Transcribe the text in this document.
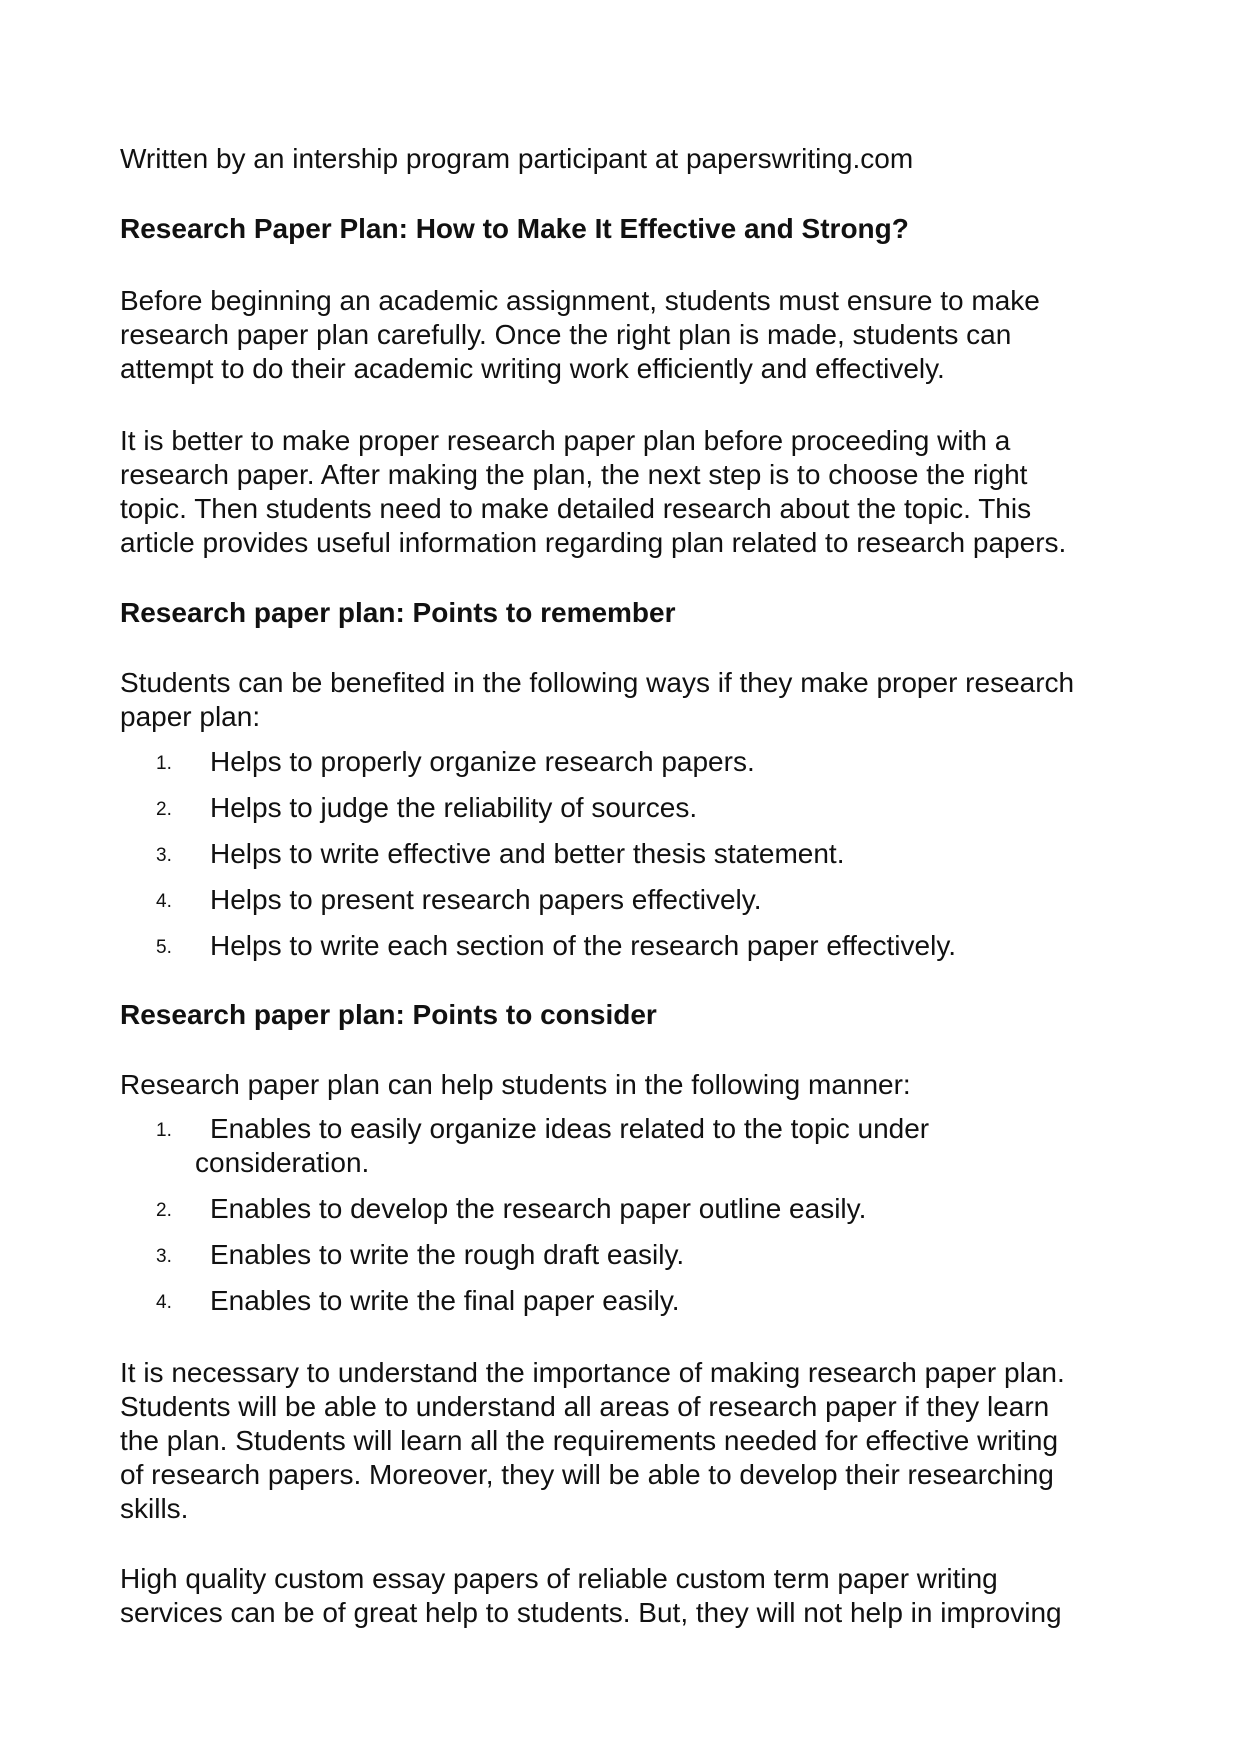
Written by an intership program participant at paperswriting.com

Research Paper Plan: How to Make It Effective and Strong?

Before beginning an academic assignment, students must ensure to make
research paper plan carefully. Once the right plan is made, students can
attempt to do their academic writing work efficiently and effectively.

It is better to make proper research paper plan before proceeding with a
research paper. After making the plan, the next step is to choose the right
topic. Then students need to make detailed research about the topic. This
article provides useful information regarding plan related to research papers.

Research paper plan: Points to remember

Students can be benefited in the following ways if they make proper research
paper plan:

1. Helps to properly organize research papers.
2. Helps to judge the reliability of sources.
3. Helps to write effective and better thesis statement.
4. Helps to present research papers effectively.
5. Helps to write each section of the research paper effectively.

Research paper plan: Points to consider

Research paper plan can help students in the following manner:

1. Enables to easily organize ideas related to the topic under
consideration.
2. Enables to develop the research paper outline easily.
3. Enables to write the rough draft easily.
4. Enables to write the final paper easily.

It is necessary to understand the importance of making research paper plan.
Students will be able to understand all areas of research paper if they learn
the plan. Students will learn all the requirements needed for effective writing
of research papers. Moreover, they will be able to develop their researching
skills.

High quality custom essay papers of reliable custom term paper writing
services can be of great help to students. But, they will not help in improving
